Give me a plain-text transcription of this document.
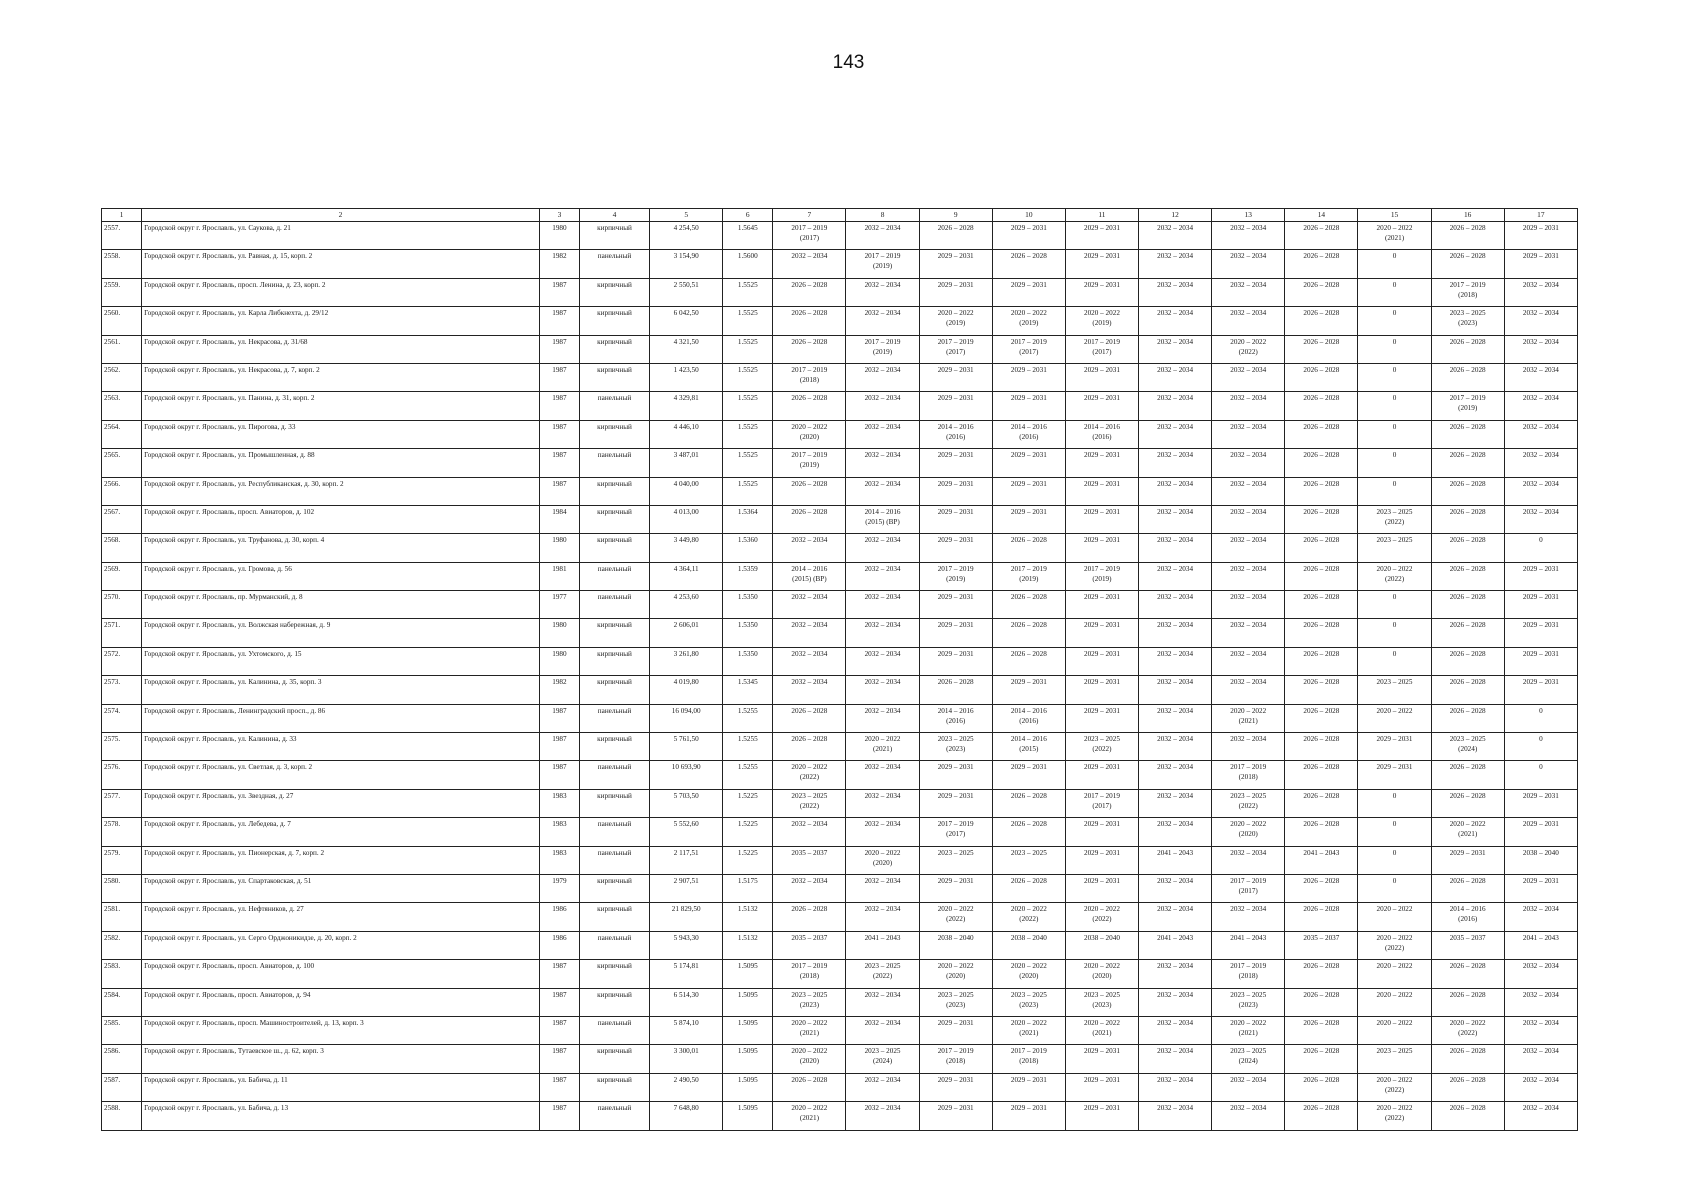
143
1	2	3	4	5	6	7	8	9	10	11	12	13	14	15	16	17

2557.	Городской округ г. Ярославль, ул. Саукова, д. 21	1980	кирпичный	4 254,50	1.5645	2017 – 2019
(2017)	2032 – 2034	2026 – 2028	2029 – 2031	2029 – 2031	2032 – 2034	2032 – 2034	2026 – 2028	2020 – 2022
(2021)	2026 – 2028	2029 – 2031

2558.	Городской округ г. Ярославль, ул. Равная, д. 15, корп. 2	1982	панельный	3 154,90	1.5600	2032 – 2034	2017 – 2019
(2019)	2029 – 2031	2026 – 2028	2029 – 2031	2032 – 2034	2032 – 2034	2026 – 2028	0	2026 – 2028	2029 – 2031

2559.	Городской округ г. Ярославль, просп. Ленина, д. 23, корп. 2	1987	кирпичный	2 550,51	1.5525	2026 – 2028	2032 – 2034	2029 – 2031	2029 – 2031	2029 – 2031	2032 – 2034	2032 – 2034	2026 – 2028	0	2017 – 2019
(2018)	2032 – 2034

2560.	Городской округ г. Ярославль, ул. Карла Либкнехта, д. 29/12	1987	кирпичный	6 042,50	1.5525	2026 – 2028	2032 – 2034	2020 – 2022
(2019)	2020 – 2022
(2019)	2020 – 2022
(2019)	2032 – 2034	2032 – 2034	2026 – 2028	0	2023 – 2025
(2023)	2032 – 2034

2561.	Городской округ г. Ярославль, ул. Некрасова, д. 31/68	1987	кирпичный	4 321,50	1.5525	2026 – 2028	2017 – 2019
(2019)	2017 – 2019
(2017)	2017 – 2019
(2017)	2017 – 2019
(2017)	2032 – 2034	2020 – 2022
(2022)	2026 – 2028	0	2026 – 2028	2032 – 2034

2562.	Городской округ г. Ярославль, ул. Некрасова, д. 7, корп. 2	1987	кирпичный	1 423,50	1.5525	2017 – 2019
(2018)	2032 – 2034	2029 – 2031	2029 – 2031	2029 – 2031	2032 – 2034	2032 – 2034	2026 – 2028	0	2026 – 2028	2032 – 2034

2563.	Городской округ г. Ярославль, ул. Панина, д. 31, корп. 2	1987	панельный	4 329,81	1.5525	2026 – 2028	2032 – 2034	2029 – 2031	2029 – 2031	2029 – 2031	2032 – 2034	2032 – 2034	2026 – 2028	0	2017 – 2019
(2019)	2032 – 2034

2564.	Городской округ г. Ярославль, ул. Пирогова, д. 33	1987	кирпичный	4 446,10	1.5525	2020 – 2022
(2020)	2032 – 2034	2014 – 2016
(2016)	2014 – 2016
(2016)	2014 – 2016
(2016)	2032 – 2034	2032 – 2034	2026 – 2028	0	2026 – 2028	2032 – 2034

2565.	Городской округ г. Ярославль, ул. Промышленная, д. 88	1987	панельный	3 487,01	1.5525	2017 – 2019
(2019)	2032 – 2034	2029 – 2031	2029 – 2031	2029 – 2031	2032 – 2034	2032 – 2034	2026 – 2028	0	2026 – 2028	2032 – 2034

2566.	Городской округ г. Ярославль, ул. Республиканская, д. 30, корп. 2	1987	кирпичный	4 040,00	1.5525	2026 – 2028	2032 – 2034	2029 – 2031	2029 – 2031	2029 – 2031	2032 – 2034	2032 – 2034	2026 – 2028	0	2026 – 2028	2032 – 2034

2567.	Городской округ г. Ярославль, просп. Авиаторов, д. 102	1984	кирпичный	4 013,00	1.5364	2026 – 2028	2014 – 2016
(2015) (ВР)	2029 – 2031	2029 – 2031	2029 – 2031	2032 – 2034	2032 – 2034	2026 – 2028	2023 – 2025
(2022)	2026 – 2028	2032 – 2034

2568.	Городской округ г. Ярославль, ул. Труфанова, д. 30, корп. 4	1980	кирпичный	3 449,80	1.5360	2032 – 2034	2032 – 2034	2029 – 2031	2026 – 2028	2029 – 2031	2032 – 2034	2032 – 2034	2026 – 2028	2023 – 2025	2026 – 2028	0

2569.	Городской округ г. Ярославль, ул. Громова, д. 56	1981	панельный	4 364,11	1.5359	2014 – 2016
(2015) (ВР)	2032 – 2034	2017 – 2019
(2019)	2017 – 2019
(2019)	2017 – 2019
(2019)	2032 – 2034	2032 – 2034	2026 – 2028	2020 – 2022
(2022)	2026 – 2028	2029 – 2031

2570.	Городской округ г. Ярославль, пр. Мурманский, д. 8	1977	панельный	4 253,60	1.5350	2032 – 2034	2032 – 2034	2029 – 2031	2026 – 2028	2029 – 2031	2032 – 2034	2032 – 2034	2026 – 2028	0	2026 – 2028	2029 – 2031

2571.	Городской округ г. Ярославль, ул. Волжская набережная, д. 9	1980	кирпичный	2 606,01	1.5350	2032 – 2034	2032 – 2034	2029 – 2031	2026 – 2028	2029 – 2031	2032 – 2034	2032 – 2034	2026 – 2028	0	2026 – 2028	2029 – 2031

2572.	Городской округ г. Ярославль, ул. Ухтомского, д. 15	1980	кирпичный	3 261,80	1.5350	2032 – 2034	2032 – 2034	2029 – 2031	2026 – 2028	2029 – 2031	2032 – 2034	2032 – 2034	2026 – 2028	0	2026 – 2028	2029 – 2031

2573.	Городской округ г. Ярославль, ул. Калинина, д. 35, корп. 3	1982	кирпичный	4 019,80	1.5345	2032 – 2034	2032 – 2034	2026 – 2028	2029 – 2031	2029 – 2031	2032 – 2034	2032 – 2034	2026 – 2028	2023 – 2025	2026 – 2028	2029 – 2031

2574.	Городской округ г. Ярославль, Ленинградский просп., д. 86	1987	панельный	16 094,00	1.5255	2026 – 2028	2032 – 2034	2014 – 2016
(2016)	2014 – 2016
(2016)	2029 – 2031	2032 – 2034	2020 – 2022
(2021)	2026 – 2028	2020 – 2022	2026 – 2028	0

2575.	Городской округ г. Ярославль, ул. Калинина, д. 33	1987	кирпичный	5 761,50	1.5255	2026 – 2028	2020 – 2022
(2021)	2023 – 2025
(2023)	2014 – 2016
(2015)	2023 – 2025
(2022)	2032 – 2034	2032 – 2034	2026 – 2028	2029 – 2031	2023 – 2025
(2024)	0

2576.	Городской округ г. Ярославль, ул. Светлая, д. 3, корп. 2	1987	панельный	10 693,90	1.5255	2020 – 2022
(2022)	2032 – 2034	2029 – 2031	2029 – 2031	2029 – 2031	2032 – 2034	2017 – 2019
(2018)	2026 – 2028	2029 – 2031	2026 – 2028	0

2577.	Городской округ г. Ярославль, ул. Звездная, д. 27	1983	кирпичный	5 703,50	1.5225	2023 – 2025
(2022)	2032 – 2034	2029 – 2031	2026 – 2028	2017 – 2019
(2017)	2032 – 2034	2023 – 2025
(2022)	2026 – 2028	0	2026 – 2028	2029 – 2031

2578.	Городской округ г. Ярославль, ул. Лебедева, д. 7	1983	панельный	5 552,60	1.5225	2032 – 2034	2032 – 2034	2017 – 2019
(2017)	2026 – 2028	2029 – 2031	2032 – 2034	2020 – 2022
(2020)	2026 – 2028	0	2020 – 2022
(2021)	2029 – 2031

2579.	Городской округ г. Ярославль, ул. Пионерская, д. 7, корп. 2	1983	панельный	2 117,51	1.5225	2035 – 2037	2020 – 2022
(2020)	2023 – 2025	2023 – 2025	2029 – 2031	2041 – 2043	2032 – 2034	2041 – 2043	0	2029 – 2031	2038 – 2040

2580.	Городской округ г. Ярославль, ул. Спартаковская, д. 51	1979	кирпичный	2 907,51	1.5175	2032 – 2034	2032 – 2034	2029 – 2031	2026 – 2028	2029 – 2031	2032 – 2034	2017 – 2019
(2017)	2026 – 2028	0	2026 – 2028	2029 – 2031

2581.	Городской округ г. Ярославль, ул. Нефтяников, д. 27	1986	кирпичный	21 829,50	1.5132	2026 – 2028	2032 – 2034	2020 – 2022
(2022)	2020 – 2022
(2022)	2020 – 2022
(2022)	2032 – 2034	2032 – 2034	2026 – 2028	2020 – 2022	2014 – 2016
(2016)	2032 – 2034

2582.	Городской округ г. Ярославль, ул. Серго Орджоникидзе, д. 20, корп. 2	1986	панельный	5 943,30	1.5132	2035 – 2037	2041 – 2043	2038 – 2040	2038 – 2040	2038 – 2040	2041 – 2043	2041 – 2043	2035 – 2037	2020 – 2022
(2022)	2035 – 2037	2041 – 2043

2583.	Городской округ г. Ярославль, просп. Авиаторов, д. 100	1987	кирпичный	5 174,81	1.5095	2017 – 2019
(2018)	2023 – 2025
(2022)	2020 – 2022
(2020)	2020 – 2022
(2020)	2020 – 2022
(2020)	2032 – 2034	2017 – 2019
(2018)	2026 – 2028	2020 – 2022	2026 – 2028	2032 – 2034

2584.	Городской округ г. Ярославль, просп. Авиаторов, д. 94	1987	кирпичный	6 514,30	1.5095	2023 – 2025
(2023)	2032 – 2034	2023 – 2025
(2023)	2023 – 2025
(2023)	2023 – 2025
(2023)	2032 – 2034	2023 – 2025
(2023)	2026 – 2028	2020 – 2022	2026 – 2028	2032 – 2034

2585.	Городской округ г. Ярославль, просп. Машиностроителей, д. 13, корп. 3	1987	панельный	5 874,10	1.5095	2020 – 2022
(2021)	2032 – 2034	2029 – 2031	2020 – 2022
(2021)	2020 – 2022
(2021)	2032 – 2034	2020 – 2022
(2021)	2026 – 2028	2020 – 2022	2020 – 2022
(2022)	2032 – 2034

2586.	Городской округ г. Ярославль, Тутаевское ш., д. 62, корп. 3	1987	кирпичный	3 300,01	1.5095	2020 – 2022
(2020)	2023 – 2025
(2024)	2017 – 2019
(2018)	2017 – 2019
(2018)	2029 – 2031	2032 – 2034	2023 – 2025
(2024)	2026 – 2028	2023 – 2025	2026 – 2028	2032 – 2034

2587.	Городской округ г. Ярославль, ул. Бабича, д. 11	1987	кирпичный	2 490,50	1.5095	2026 – 2028	2032 – 2034	2029 – 2031	2029 – 2031	2029 – 2031	2032 – 2034	2032 – 2034	2026 – 2028	2020 – 2022
(2022)	2026 – 2028	2032 – 2034

2588.	Городской округ г. Ярославль, ул. Бабича, д. 13	1987	панельный	7 648,80	1.5095	2020 – 2022
(2021)	2032 – 2034	2029 – 2031	2029 – 2031	2029 – 2031	2032 – 2034	2032 – 2034	2026 – 2028	2020 – 2022
(2022)	2026 – 2028	2032 – 2034
